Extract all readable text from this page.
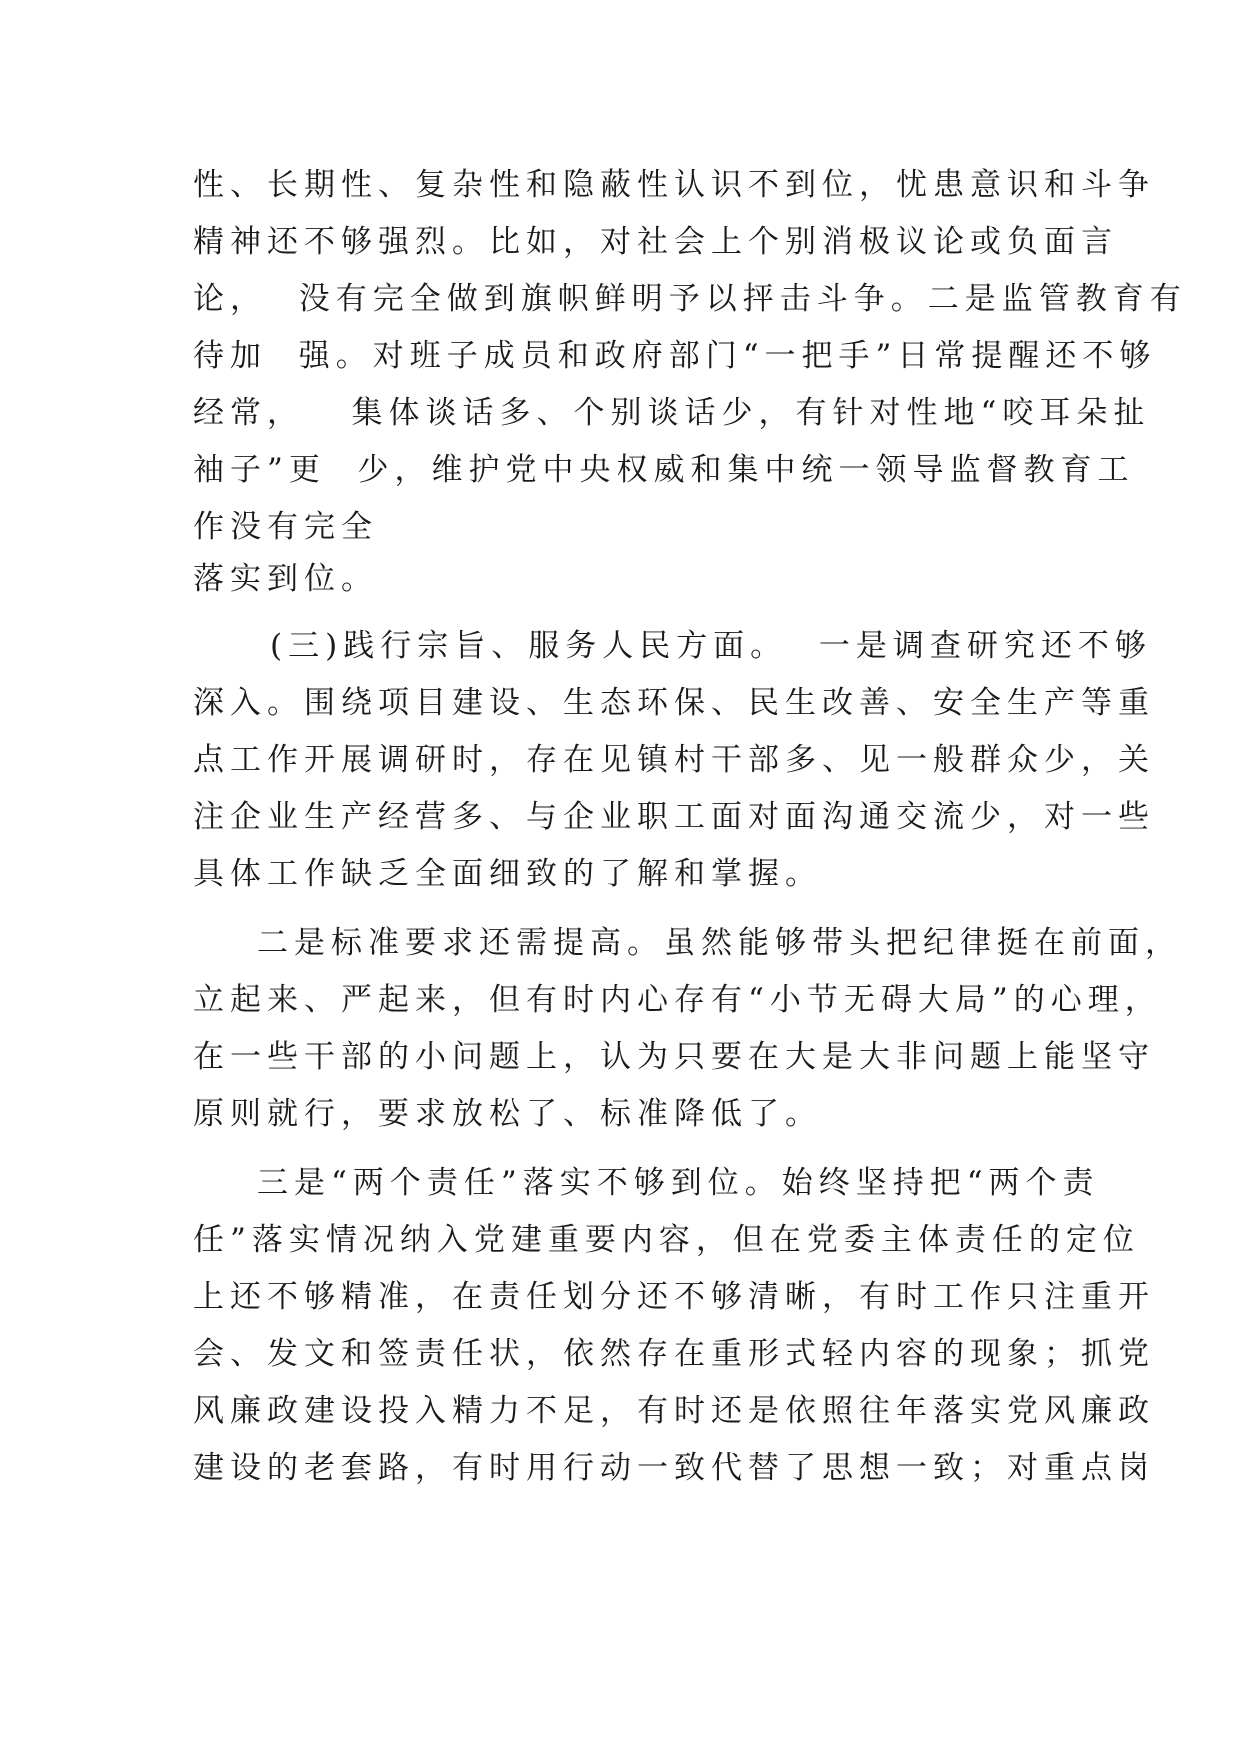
性、长期性、复杂性和隐蔽性认识不到位，忧患意识和斗争
精神还不够强烈。比如，对社会上个别消极议论或负面言
论，  没有完全做到旗帜鲜明予以抨击斗争。二是监管教育有
待加  强。对班子成员和政府部门“一把手”日常提醒还不够
经常，   集体谈话多、个别谈话少，有针对性地“咬耳朵扯
袖子”更  少，维护党中央权威和集中统一领导监督教育工
作没有完全
落实到位。
(三)践行宗旨、服务人民方面。  一是调查研究还不够
深入。围绕项目建设、生态环保、民生改善、安全生产等重
点工作开展调研时，存在见镇村干部多、见一般群众少，关
注企业生产经营多、与企业职工面对面沟通交流少，对一些
具体工作缺乏全面细致的了解和掌握。
二是标准要求还需提高。虽然能够带头把纪律挺在前面，
立起来、严起来，但有时内心存有“小节无碍大局”的心理，
在一些干部的小问题上，认为只要在大是大非问题上能坚守
原则就行，要求放松了、标准降低了。
三是“两个责任”落实不够到位。始终坚持把“两个责
任”落实情况纳入党建重要内容，但在党委主体责任的定位
上还不够精准，在责任划分还不够清晰，有时工作只注重开
会、发文和签责任状，依然存在重形式轻内容的现象；抓党
风廉政建设投入精力不足，有时还是依照往年落实党风廉政
建设的老套路，有时用行动一致代替了思想一致；对重点岗
